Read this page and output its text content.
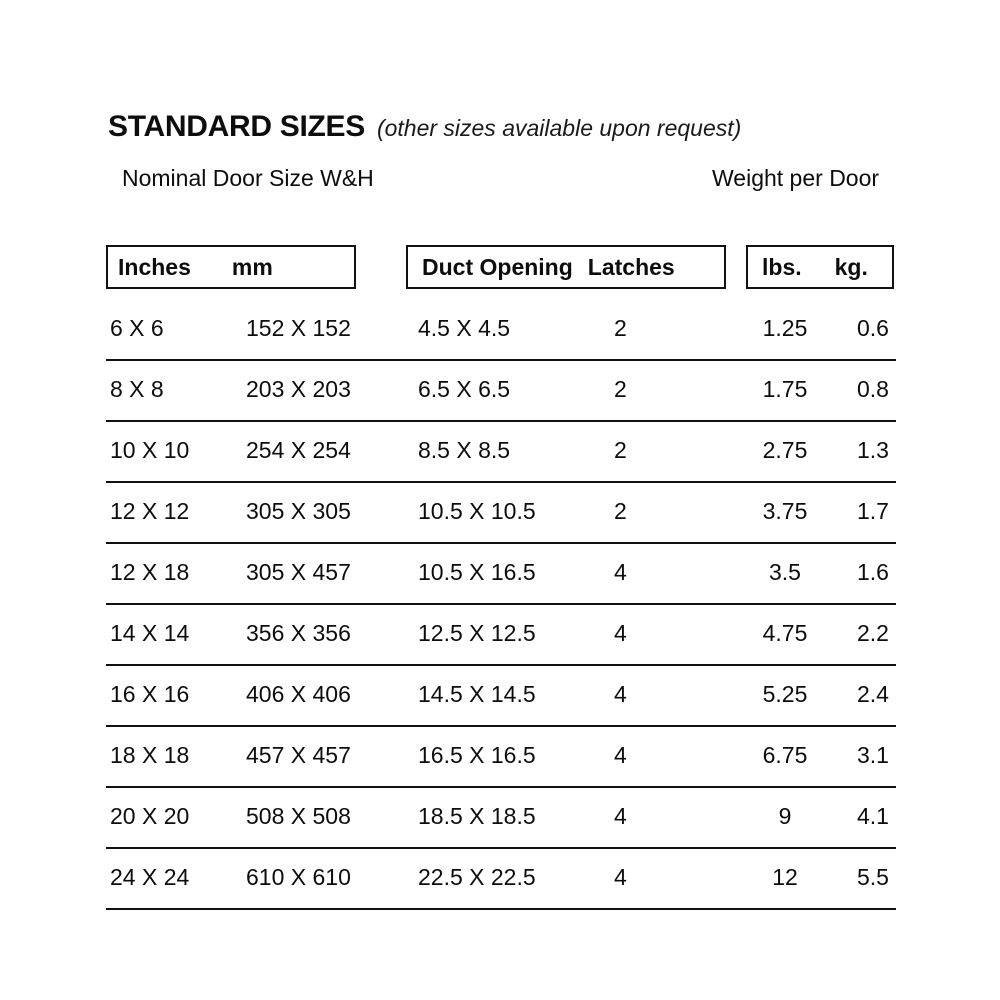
STANDARD SIZES (other sizes available upon request)
Nominal Door Size W&H	Weight per Door
Inches mm	Duct Opening Latches	lbs. kg.
6 X 6	152 X 152	4.5 X 4.5	2	1.25	0.6
8 X 8	203 X 203	6.5 X 6.5	2	1.75	0.8
10 X 10 254 X 254	8.5 X 8.5	2	2.75	1.3
12 X 12 305 X 305	10.5 X 10.5	2	3.75	1.7
12 X 18 305 X 457	10.5 X 16.5	4	3.5	1.6
14 X 14 356 X 356	12.5 X 12.5	4	4.75	2.2
16 X 16 406 X 406	14.5 X 14.5	4	5.25	2.4
18 X 18 457 X 457	16.5 X 16.5	4	6.75	3.1
20 X 20 508 X 508	18.5 X 18.5	4	9	4.1
24 X 24 610 X 610	22.5 X 22.5	4	12	5.5
